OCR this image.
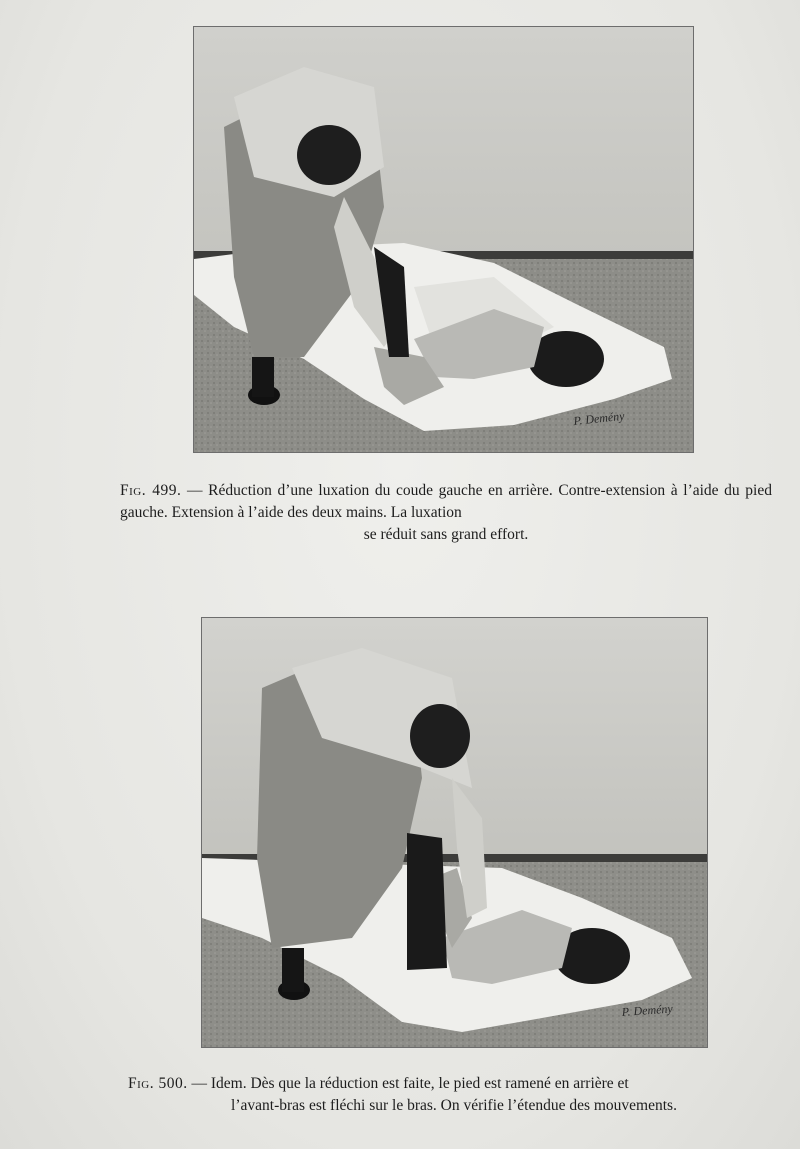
P. Demény
Fig. 499. — Réduction d’une luxation du coude gauche en arrière. Contre-extension à l’aide du pied gauche. Extension à l’aide des deux mains. La luxation
se réduit sans grand effort.
P. Demény
Fig. 500. — Idem. Dès que la réduction est faite, le pied est ramené en arrière et
l’avant-bras est fléchi sur le bras. On vérifie l’étendue des mouvements.
